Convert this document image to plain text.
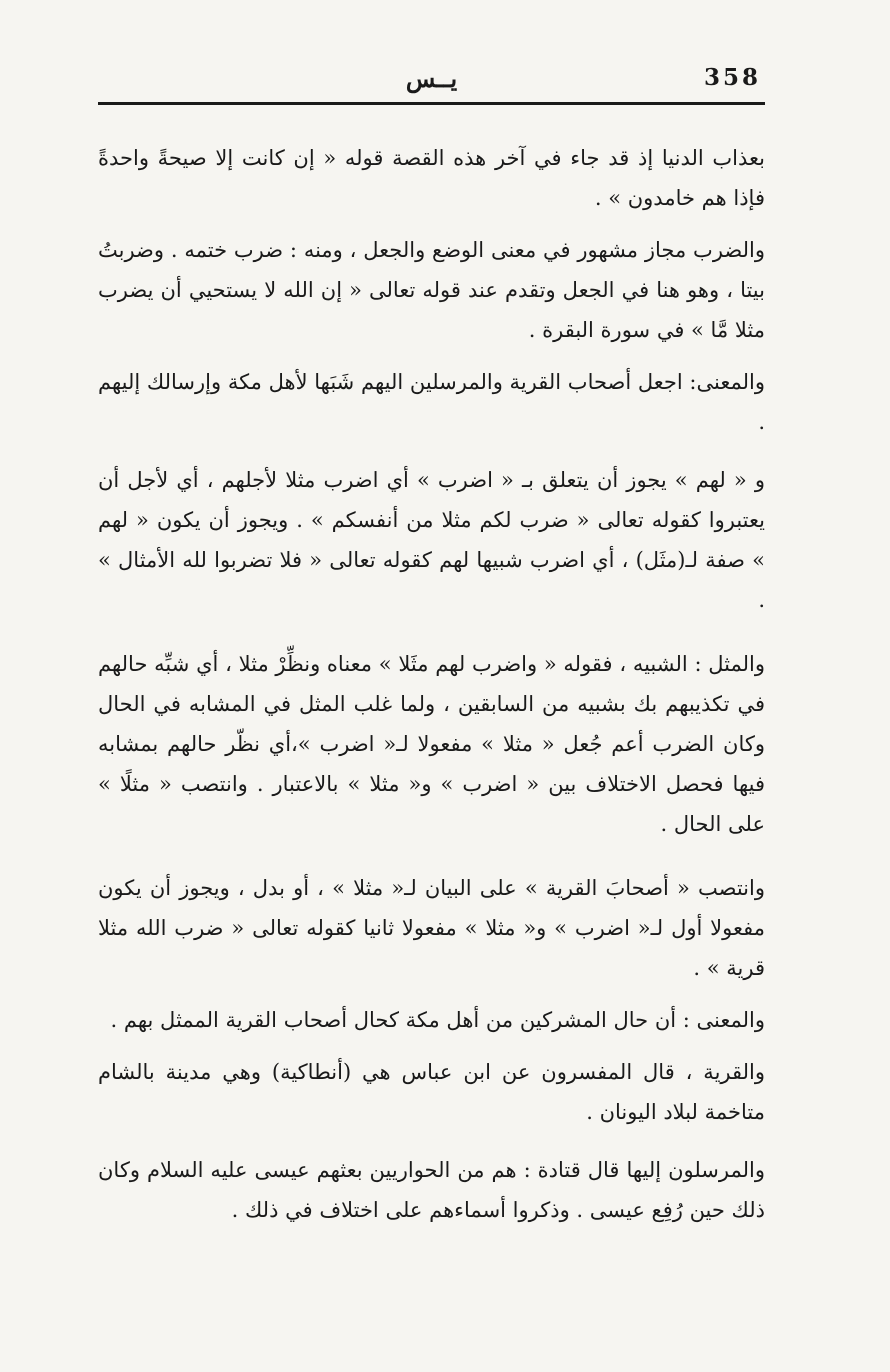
358
يــس

بعذاب الدنيا إذ قد جاء في آخر هذه القصة قوله « إن كانت إلا صيحةً واحدةً فإذا هم خامدون » .

والضرب مجاز مشهور في معنى الوضع والجعل ، ومنه : ضرب ختمه . وضربتُ بيتا ، وهو هنا في الجعل وتقدم عند قوله تعالى « إن الله لا يستحيي أن يضرب مثلا مَّا » في سورة البقرة .

والمعنى: اجعل أصحاب القرية والمرسلين اليهم شَبَها لأهل مكة وإرسالك إليهم .

و « لهم » يجوز أن يتعلق بـ « اضرب » أي اضرب مثلا لأجلهم ، أي لأجل أن يعتبروا كقوله تعالى « ضرب لكم مثلا من أنفسكم » . ويجوز أن يكون « لهم » صفة لـ(مثَل) ، أي اضرب شبيها لهم كقوله تعالى « فلا تضربوا لله الأمثال » .

والمثل : الشبيه ، فقوله « واضرب لهم مثَلا » معناه ونظِّرْ مثلا ، أي شبِّه حالهم في تكذيبهم بك بشبيه من السابقين ، ولما غلب المثل في المشابه في الحال وكان الضرب أعم جُعل « مثلا » مفعولا لـ« اضرب »،أي نظّر حالهم بمشابه فيها فحصل الاختلاف بين « اضرب » و« مثلا » بالاعتبار . وانتصب « مثلًا » على الحال .

وانتصب « أصحابَ القرية » على البيان لـ« مثلا » ، أو بدل ، ويجوز أن يكون مفعولا أول لـ« اضرب » و« مثلا » مفعولا ثانيا كقوله تعالى « ضرب الله مثلا قرية » .

والمعنى : أن حال المشركين من أهل مكة كحال أصحاب القرية الممثل بهم .

والقرية ، قال المفسرون عن ابن عباس هي (أنطاكية) وهي مدينة بالشام متاخمة لبلاد اليونان .

والمرسلون إليها قال قتادة : هم من الحواريين بعثهم عيسى عليه السلام وكان ذلك حين رُفِع عيسى . وذكروا أسماءهم على اختلاف في ذلك .
